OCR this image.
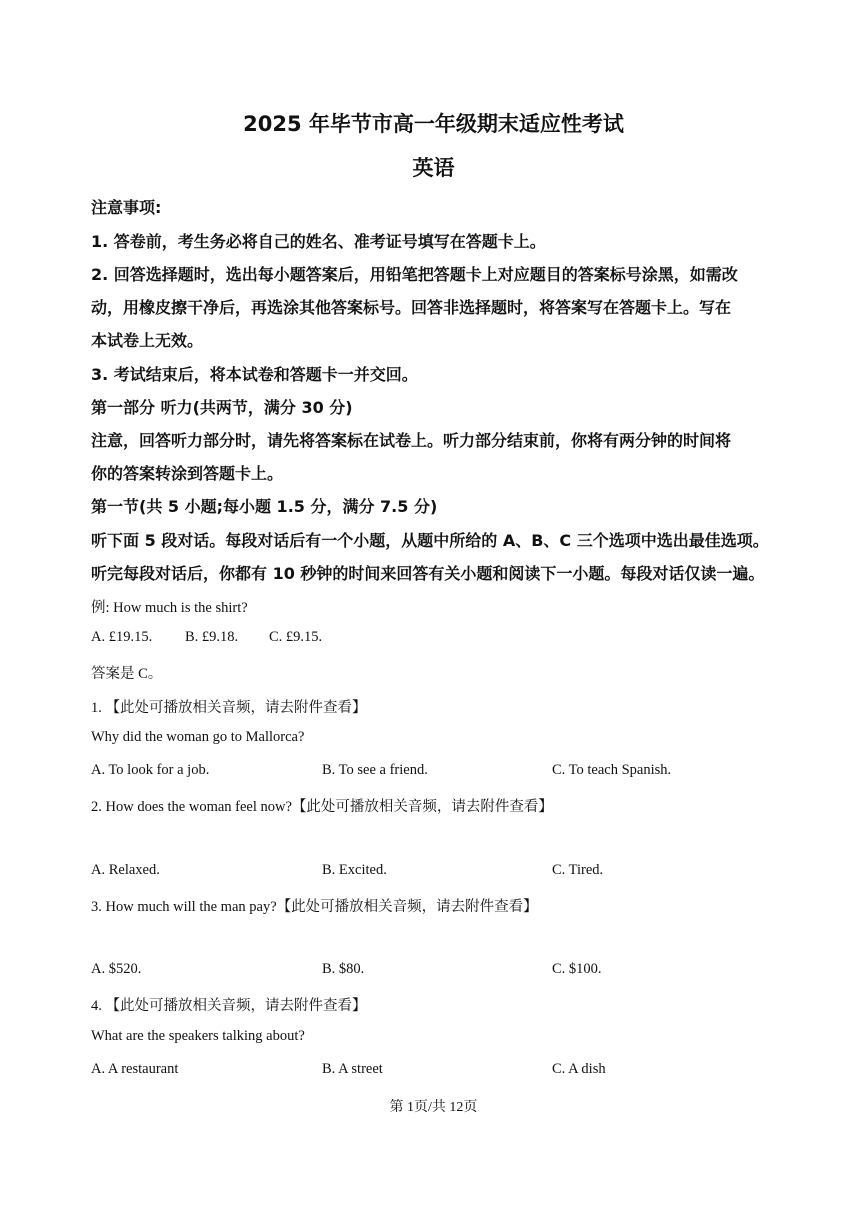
2025 年毕节市高一年级期末适应性考试
英语
注意事项:
1. 答卷前，考生务必将自己的姓名、准考证号填写在答题卡上。
2. 回答选择题时，选出每小题答案后，用铅笔把答题卡上对应题目的答案标号涂黑，如需改
动，用橡皮擦干净后，再选涂其他答案标号。回答非选择题时，将答案写在答题卡上。写在
本试卷上无效。
3. 考试结束后，将本试卷和答题卡一并交回。
第一部分 听力(共两节，满分 30 分)
注意，回答听力部分时，请先将答案标在试卷上。听力部分结束前，你将有两分钟的时间将
你的答案转涂到答题卡上。
第一节(共 5 小题;每小题 1.5 分，满分 7.5 分)
听下面 5 段对话。每段对话后有一个小题，从题中所给的 A、B、C 三个选项中选出最佳选项。
听完每段对话后，你都有 10 秒钟的时间来回答有关小题和阅读下一小题。每段对话仅读一遍。
例: How much is the shirt?
A. £19.15. B. £9.18. C. £9.15.
答案是 C。
1. 【此处可播放相关音频，请去附件查看】
Why did the woman go to Mallorca?
A. To look for a job.	B. To see a friend.	C. To teach Spanish.
2. How does the woman feel now?【此处可播放相关音频，请去附件查看】
A. Relaxed.	B. Excited.	C. Tired.
3. How much will the man pay?【此处可播放相关音频，请去附件查看】
A. $520.	B. $80.	C. $100.
4. 【此处可播放相关音频，请去附件查看】
What are the speakers talking about?
A. A restaurant	B. A street	C. A dish
第 1页/共 12页
